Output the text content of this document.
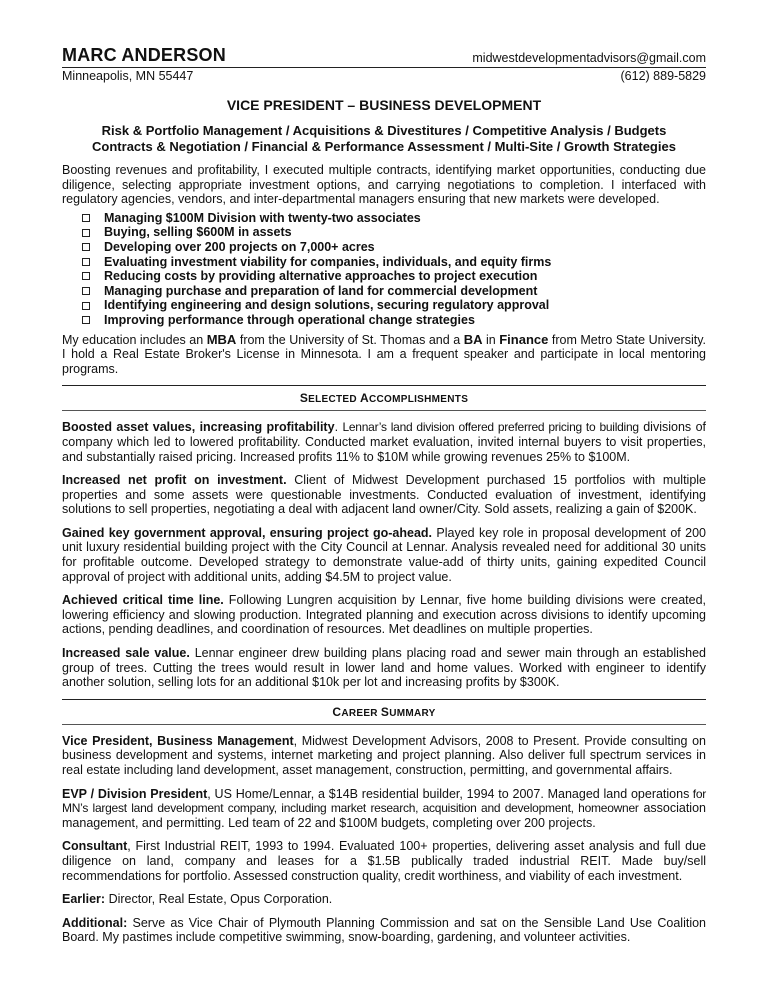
MARC ANDERSON	midwestdevelopmentadvisors@gmail.com
Minneapolis, MN 55447	(612) 889-5829
VICE PRESIDENT – BUSINESS DEVELOPMENT
Risk & Portfolio Management / Acquisitions & Divestitures / Competitive Analysis / Budgets
Contracts & Negotiation / Financial & Performance Assessment / Multi-Site / Growth Strategies

Boosting revenues and profitability, I executed multiple contracts, identifying market opportunities, conducting due diligence, selecting appropriate investment options, and carrying negotiations to completion. I interfaced with regulatory agencies, vendors, and inter-departmental managers ensuring that new markets were developed.

Managing $100M Division with twenty-two associates
Buying, selling $600M in assets
Developing over 200 projects on 7,000+ acres
Evaluating investment viability for companies, individuals, and equity firms
Reducing costs by providing alternative approaches to project execution
Managing purchase and preparation of land for commercial development
Identifying engineering and design solutions, securing regulatory approval
Improving performance through operational change strategies

My education includes an MBA from the University of St. Thomas and a BA in Finance from Metro State University. I hold a Real Estate Broker's License in Minnesota. I am a frequent speaker and participate in local mentoring programs.

SELECTED ACCOMPLISHMENTS

Boosted asset values, increasing profitability. Lennar’s land division offered preferred pricing to building divisions of company which led to lowered profitability. Conducted market evaluation, invited internal buyers to visit properties, and substantially raised pricing. Increased profits 11% to $10M while growing revenues 25% to $100M.

Increased net profit on investment. Client of Midwest Development purchased 15 portfolios with multiple properties and some assets were questionable investments. Conducted evaluation of investment, identifying solutions to sell properties, negotiating a deal with adjacent land owner/City. Sold assets, realizing a gain of $200K.

Gained key government approval, ensuring project go-ahead. Played key role in proposal development of 200 unit luxury residential building project with the City Council at Lennar. Analysis revealed need for additional 30 units for profitable outcome. Developed strategy to demonstrate value-add of thirty units, gaining expedited Council approval of project with additional units, adding $4.5M to project value.

Achieved critical time line. Following Lungren acquisition by Lennar, five home building divisions were created, lowering efficiency and slowing production. Integrated planning and execution across divisions to identify upcoming actions, pending deadlines, and coordination of resources. Met deadlines on multiple properties.

Increased sale value. Lennar engineer drew building plans placing road and sewer main through an established group of trees. Cutting the trees would result in lower land and home values. Worked with engineer to identify another solution, selling lots for an additional $10k per lot and increasing profits by $300K.

CAREER SUMMARY

Vice President, Business Management, Midwest Development Advisors, 2008 to Present. Provide consulting on business development and systems, internet marketing and project planning. Also deliver full spectrum services in real estate including land development, asset management, construction, permitting, and governmental affairs.

EVP / Division President, US Home/Lennar, a $14B residential builder, 1994 to 2007. Managed land operations for MN’s largest land development company, including market research, acquisition and development, homeowner association management, and permitting. Led team of 22 and $100M budgets, completing over 200 projects.

Consultant, First Industrial REIT, 1993 to 1994. Evaluated 100+ properties, delivering asset analysis and full due diligence on land, company and leases for a $1.5B publically traded industrial REIT. Made buy/sell recommendations for portfolio. Assessed construction quality, credit worthiness, and viability of each investment.

Earlier: Director, Real Estate, Opus Corporation.

Additional: Serve as Vice Chair of Plymouth Planning Commission and sat on the Sensible Land Use Coalition Board. My pastimes include competitive swimming, snow-boarding, gardening, and volunteer activities.
